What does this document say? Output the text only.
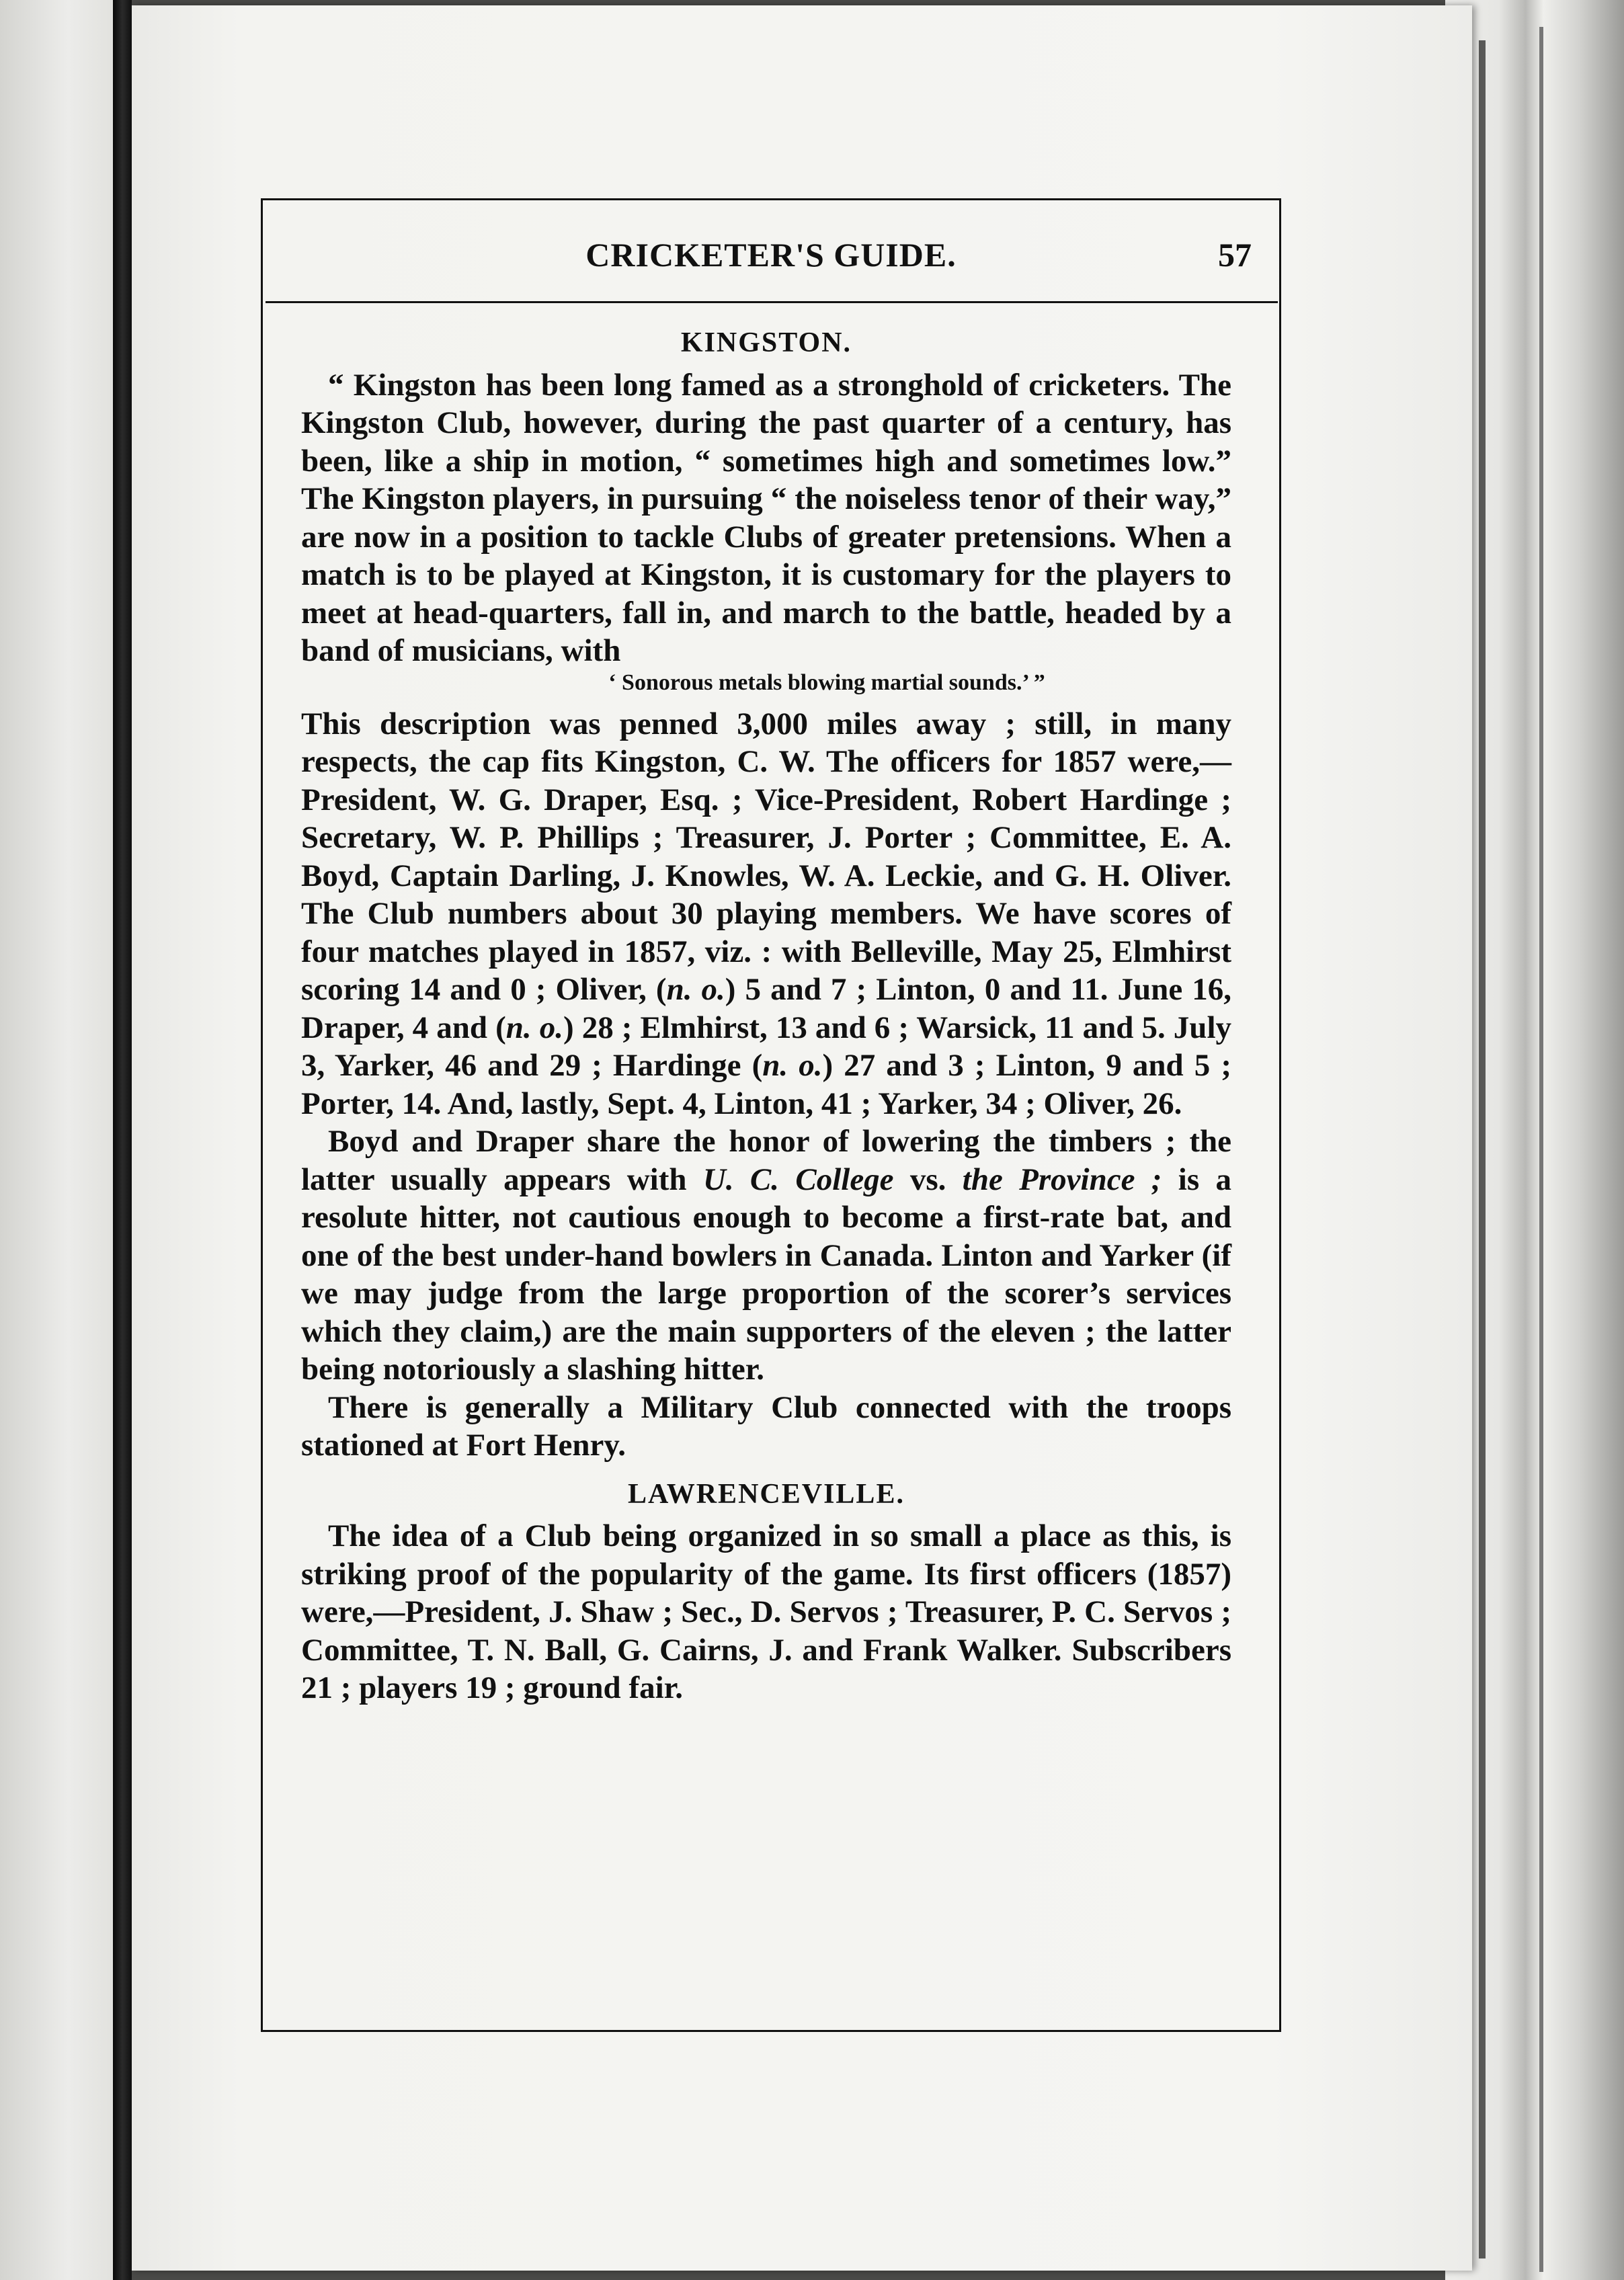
CRICKETER'S GUIDE.	57
KINGSTON.

“ Kingston has been long famed as a stronghold of cricketers. The Kingston Club, however, during the past quarter of a century, has been, like a ship in motion, “ sometimes high and sometimes low.” The Kingston players, in pursuing “ the noiseless tenor of their way,” are now in a position to tackle Clubs of greater pretensions. When a match is to be played at Kingston, it is customary for the players to meet at head-quarters, fall in, and march to the battle, headed by a band of musicians, with

‘ Sonorous metals blowing martial sounds.’ ”

This description was penned 3,000 miles away ; still, in many respects, the cap fits Kingston, C. W. The officers for 1857 were,—President, W. G. Draper, Esq. ; Vice-President, Robert Hardinge ; Secretary, W. P. Phillips ; Treasurer, J. Porter ; Committee, E. A. Boyd, Captain Darling, J. Knowles, W. A. Leckie, and G. H. Oliver. The Club numbers about 30 playing members. We have scores of four matches played in 1857, viz. : with Belleville, May 25, Elmhirst scoring 14 and 0 ; Oliver, (n. o.) 5 and 7 ; Linton, 0 and 11. June 16, Draper, 4 and (n. o.) 28 ; Elmhirst, 13 and 6 ; Warsick, 11 and 5. July 3, Yarker, 46 and 29 ; Hardinge (n. o.) 27 and 3 ; Linton, 9 and 5 ; Porter, 14. And, lastly, Sept. 4, Linton, 41 ; Yarker, 34 ; Oliver, 26.

Boyd and Draper share the honor of lowering the timbers ; the latter usually appears with U. C. College vs. the Province ; is a resolute hitter, not cautious enough to become a first-rate bat, and one of the best under-hand bowlers in Canada. Linton and Yarker (if we may judge from the large proportion of the scorer’s services which they claim,) are the main supporters of the eleven ; the latter being notoriously a slashing hitter.

There is generally a Military Club connected with the troops stationed at Fort Henry.

LAWRENCEVILLE.

The idea of a Club being organized in so small a place as this, is striking proof of the popularity of the game. Its first officers (1857) were,—President, J. Shaw ; Sec., D. Servos ; Treasurer, P. C. Servos ; Committee, T. N. Ball, G. Cairns, J. and Frank Walker. Subscribers 21 ; players 19 ; ground fair.
